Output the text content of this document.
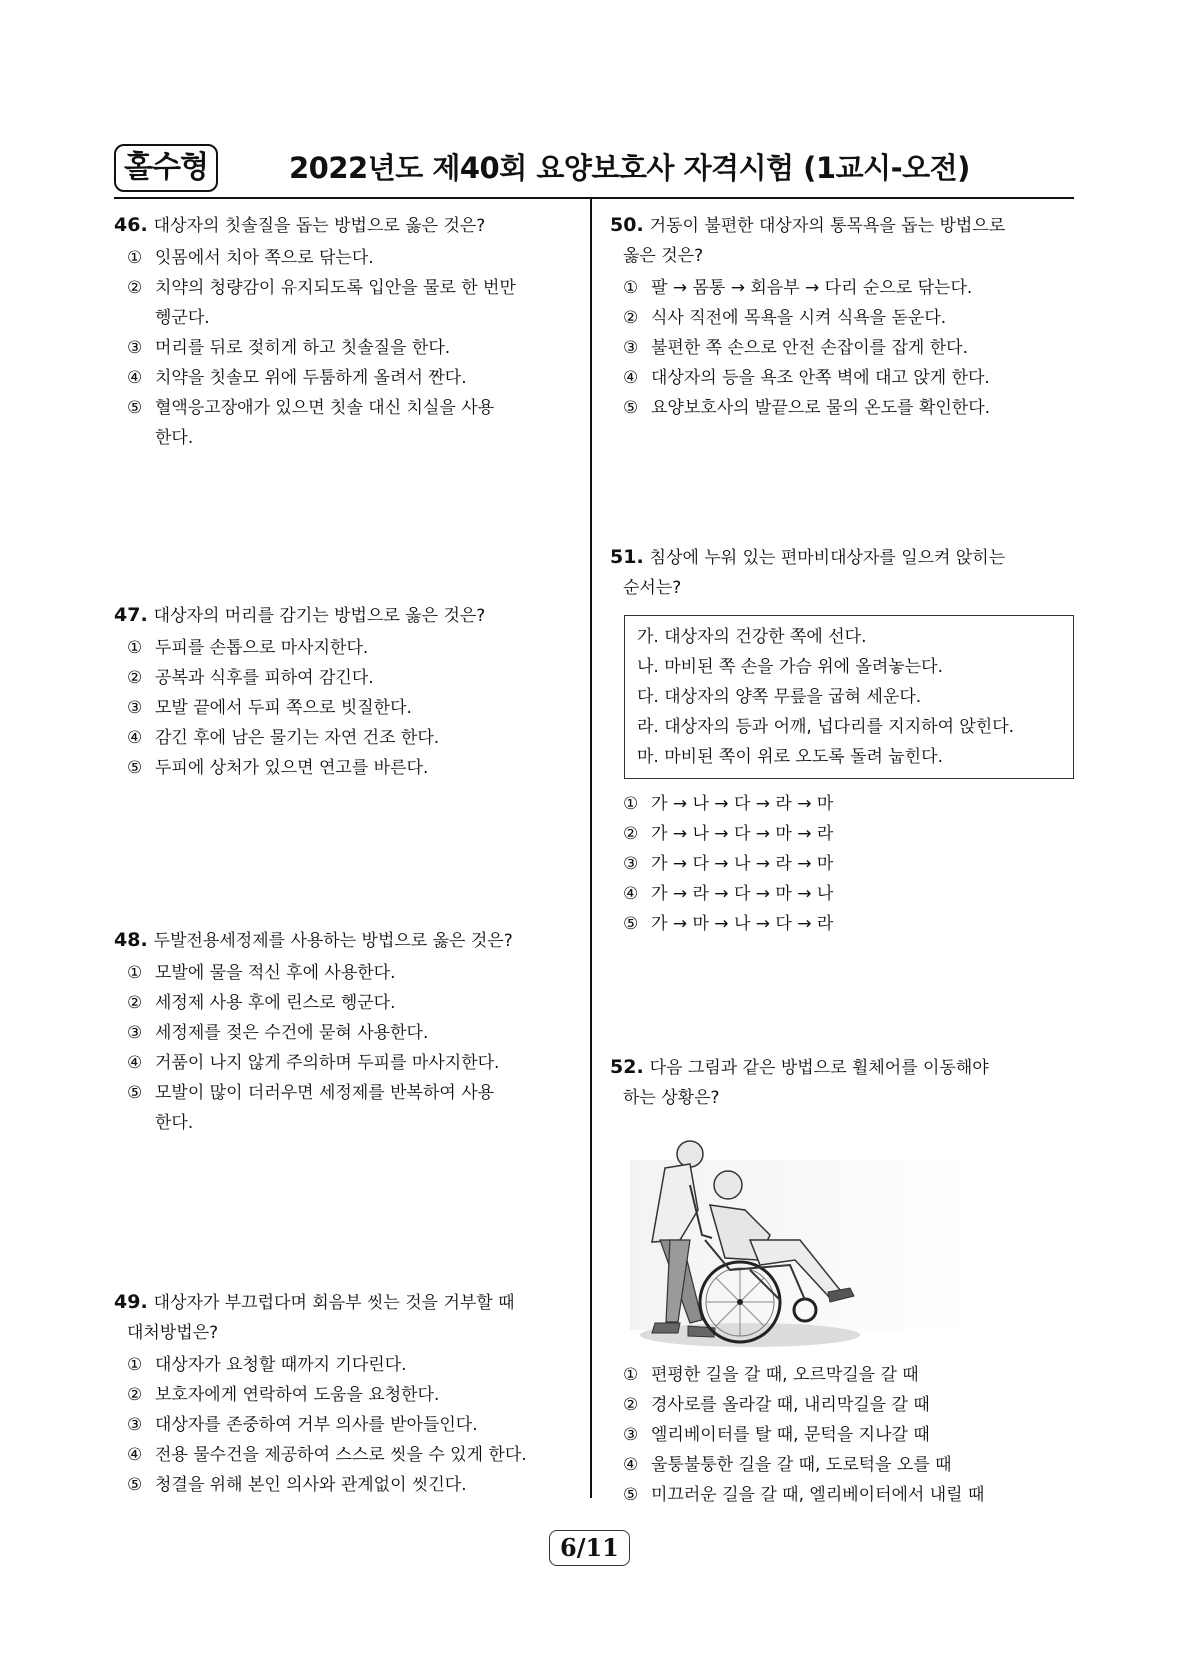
홀수형	2022년도 제40회 요양보호사 자격시험 (1교시-오전)
46. 대상자의 칫솔질을 돕는 방법으로 옳은 것은?
① 잇몸에서 치아 쪽으로 닦는다.
② 치약의 청량감이 유지되도록 입안을 물로 한 번만
헹군다.
③ 머리를 뒤로 젖히게 하고 칫솔질을 한다.
④ 치약을 칫솔모 위에 두툼하게 올려서 짠다.
⑤ 혈액응고장애가 있으면 칫솔 대신 치실을 사용
한다.
47. 대상자의 머리를 감기는 방법으로 옳은 것은?
① 두피를 손톱으로 마사지한다.
② 공복과 식후를 피하여 감긴다.
③ 모발 끝에서 두피 쪽으로 빗질한다.
④ 감긴 후에 남은 물기는 자연 건조 한다.
⑤ 두피에 상처가 있으면 연고를 바른다.
48. 두발전용세정제를 사용하는 방법으로 옳은 것은?
① 모발에 물을 적신 후에 사용한다.
② 세정제 사용 후에 린스로 헹군다.
③ 세정제를 젖은 수건에 묻혀 사용한다.
④ 거품이 나지 않게 주의하며 두피를 마사지한다.
⑤ 모발이 많이 더러우면 세정제를 반복하여 사용
한다.
49. 대상자가 부끄럽다며 회음부 씻는 것을 거부할 때
대처방법은?
① 대상자가 요청할 때까지 기다린다.
② 보호자에게 연락하여 도움을 요청한다.
③ 대상자를 존중하여 거부 의사를 받아들인다.
④ 전용 물수건을 제공하여 스스로 씻을 수 있게 한다.
⑤ 청결을 위해 본인 의사와 관계없이 씻긴다.
50. 거동이 불편한 대상자의 통목욕을 돕는 방법으로
옳은 것은?
① 팔 → 몸통 → 회음부 → 다리 순으로 닦는다.
② 식사 직전에 목욕을 시켜 식욕을 돋운다.
③ 불편한 쪽 손으로 안전 손잡이를 잡게 한다.
④ 대상자의 등을 욕조 안쪽 벽에 대고 앉게 한다.
⑤ 요양보호사의 발끝으로 물의 온도를 확인한다.
51. 침상에 누워 있는 편마비대상자를 일으켜 앉히는
순서는?
가. 대상자의 건강한 쪽에 선다.
나. 마비된 쪽 손을 가슴 위에 올려놓는다.
다. 대상자의 양쪽 무릎을 굽혀 세운다.
라. 대상자의 등과 어깨, 넙다리를 지지하여 앉힌다.
마. 마비된 쪽이 위로 오도록 돌려 눕힌다.
① 가 → 나 → 다 → 라 → 마
② 가 → 나 → 다 → 마 → 라
③ 가 → 다 → 나 → 라 → 마
④ 가 → 라 → 다 → 마 → 나
⑤ 가 → 마 → 나 → 다 → 라
52. 다음 그림과 같은 방법으로 휠체어를 이동해야
하는 상황은?
① 편평한 길을 갈 때, 오르막길을 갈 때
② 경사로를 올라갈 때, 내리막길을 갈 때
③ 엘리베이터를 탈 때, 문턱을 지나갈 때
④ 울퉁불퉁한 길을 갈 때, 도로턱을 오를 때
⑤ 미끄러운 길을 갈 때, 엘리베이터에서 내릴 때
6/11
